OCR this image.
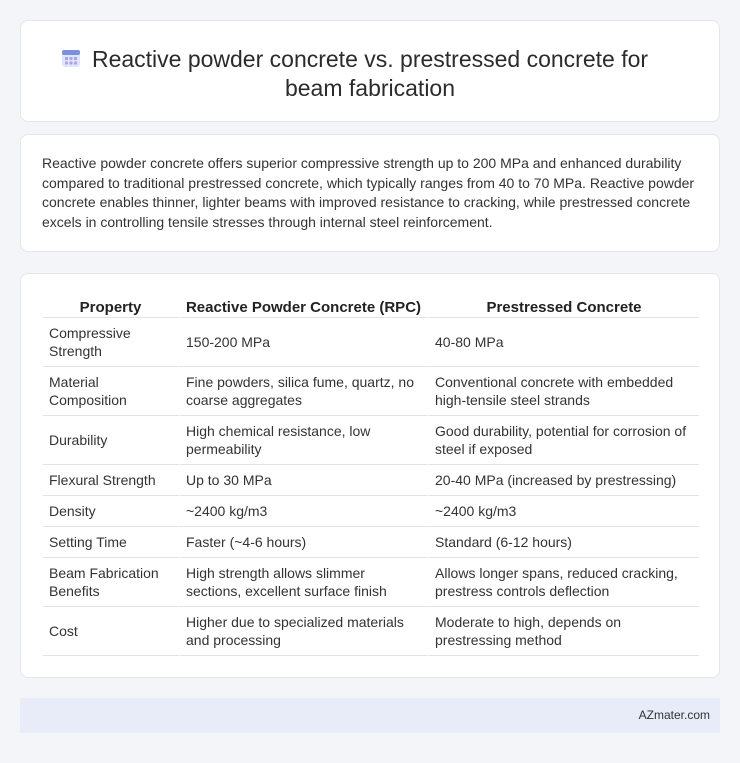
Reactive powder concrete vs. prestressed concrete for
beam fabrication

Reactive powder concrete offers superior compressive strength up to 200 MPa and enhanced durability compared to traditional prestressed concrete, which typically ranges from 40 to 70 MPa. Reactive powder concrete enables thinner, lighter beams with improved resistance to cracking, while prestressed concrete excels in controlling tensile stresses through internal steel reinforcement.

Property	Reactive Powder Concrete (RPC)	Prestressed Concrete
Compressive Strength	150-200 MPa	40-80 MPa
Material Composition	Fine powders, silica fume, quartz, no coarse aggregates	Conventional concrete with embedded high-tensile steel strands
Durability	High chemical resistance, low permeability	Good durability, potential for corrosion of steel if exposed
Flexural Strength	Up to 30 MPa	20-40 MPa (increased by prestressing)
Density	~2400 kg/m3	~2400 kg/m3
Setting Time	Faster (~4-6 hours)	Standard (6-12 hours)
Beam Fabrication Benefits	High strength allows slimmer sections, excellent surface finish	Allows longer spans, reduced cracking, prestress controls deflection
Cost	Higher due to specialized materials and processing	Moderate to high, depends on prestressing method
AZmater.com
